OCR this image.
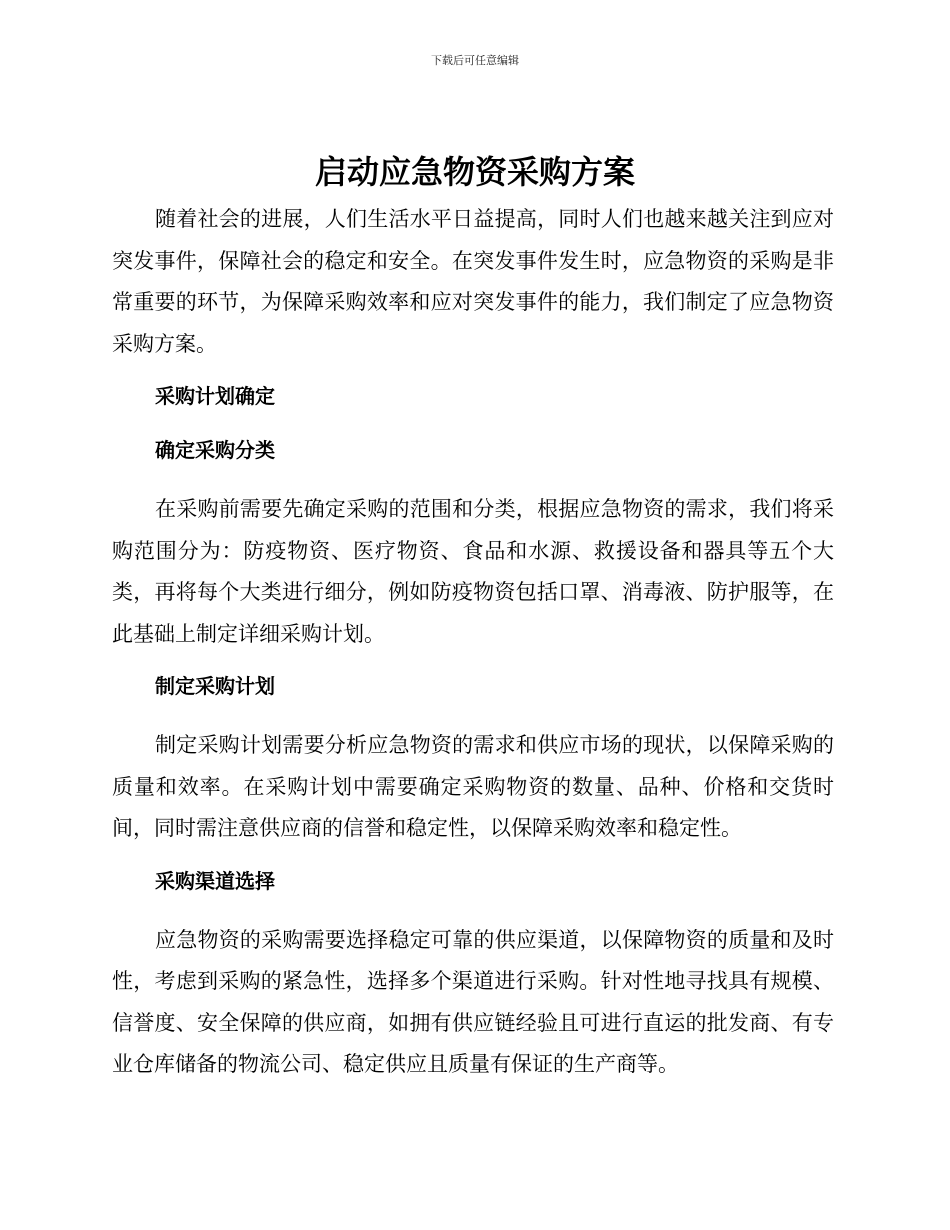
下载后可任意编辑
启动应急物资采购方案

随着社会的进展，人们生活水平日益提高，同时人们也越来越关注到应对突发事件，保障社会的稳定和安全。在突发事件发生时，应急物资的采购是非常重要的环节，为保障采购效率和应对突发事件的能力，我们制定了应急物资采购方案。

采购计划确定
确定采购分类

在采购前需要先确定采购的范围和分类，根据应急物资的需求，我们将采购范围分为：防疫物资、医疗物资、食品和水源、救援设备和器具等五个大类，再将每个大类进行细分，例如防疫物资包括口罩、消毒液、防护服等，在此基础上制定详细采购计划。

制定采购计划

制定采购计划需要分析应急物资的需求和供应市场的现状，以保障采购的质量和效率。在采购计划中需要确定采购物资的数量、品种、价格和交货时间，同时需注意供应商的信誉和稳定性，以保障采购效率和稳定性。

采购渠道选择

应急物资的采购需要选择稳定可靠的供应渠道，以保障物资的质量和及时性，考虑到采购的紧急性，选择多个渠道进行采购。针对性地寻找具有规模、信誉度、安全保障的供应商，如拥有供应链经验且可进行直运的批发商、有专业仓库储备的物流公司、稳定供应且质量有保证的生产商等。
